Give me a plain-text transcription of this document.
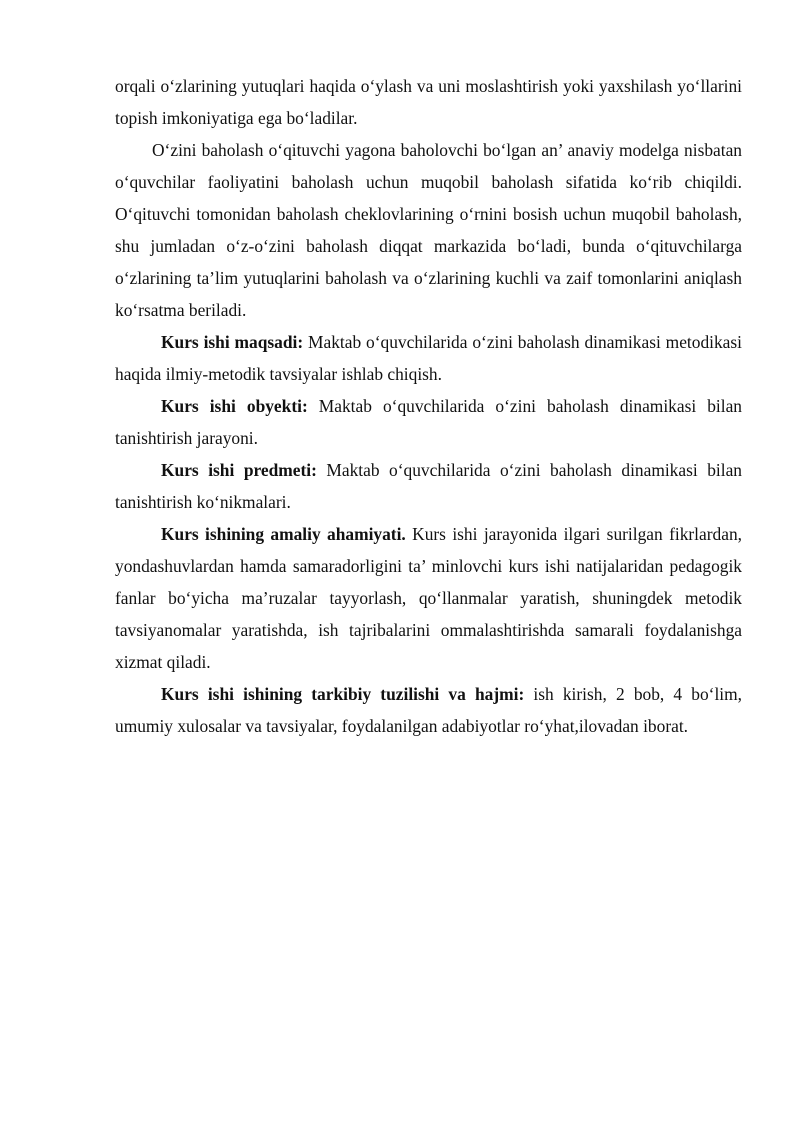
orqali o‘zlarining yutuqlari haqida o‘ylash va uni moslashtirish yoki yaxshilash yo‘llarini topish imkoniyatiga ega bo‘ladilar.

O‘zini baholash o‘qituvchi yagona baholovchi bo‘lgan an’ anaviy modelga nisbatan o‘quvchilar faoliyatini baholash uchun muqobil baholash sifatida ko‘rib chiqildi. O‘qituvchi tomonidan baholash cheklovlarining o‘rnini bosish uchun muqobil baholash, shu jumladan o‘z-o‘zini baholash diqqat markazida bo‘ladi, bunda o‘qituvchilarga o‘zlarining ta’lim yutuqlarini baholash va o‘zlarining kuchli va zaif tomonlarini aniqlash ko‘rsatma beriladi.

Kurs ishi maqsadi: Maktab o‘quvchilarida o‘zini baholash dinamikasi metodikasi haqida ilmiy-metodik tavsiyalar ishlab chiqish.

Kurs ishi obyekti: Maktab o‘quvchilarida o‘zini baholash dinamikasi bilan tanishtirish jarayoni.

Kurs ishi predmeti: Maktab o‘quvchilarida o‘zini baholash dinamikasi bilan tanishtirish ko‘nikmalari.

Kurs ishining amaliy ahamiyati. Kurs ishi jarayonida ilgari surilgan fikrlardan, yondashuvlardan hamda samaradorligini ta’ minlovchi kurs ishi natijalaridan pedagogik fanlar bo‘yicha ma’ruzalar tayyorlash, qo‘llanmalar yaratish, shuningdek metodik tavsiyanomalar yaratishda, ish tajribalarini ommalashtirishda samarali foydalanishga xizmat qiladi.

Kurs ishi ishining tarkibiy tuzilishi va hajmi: ish kirish, 2 bob, 4 bo‘lim, umumiy xulosalar va tavsiyalar, foydalanilgan adabiyotlar ro‘yhat,ilovadan iborat.
